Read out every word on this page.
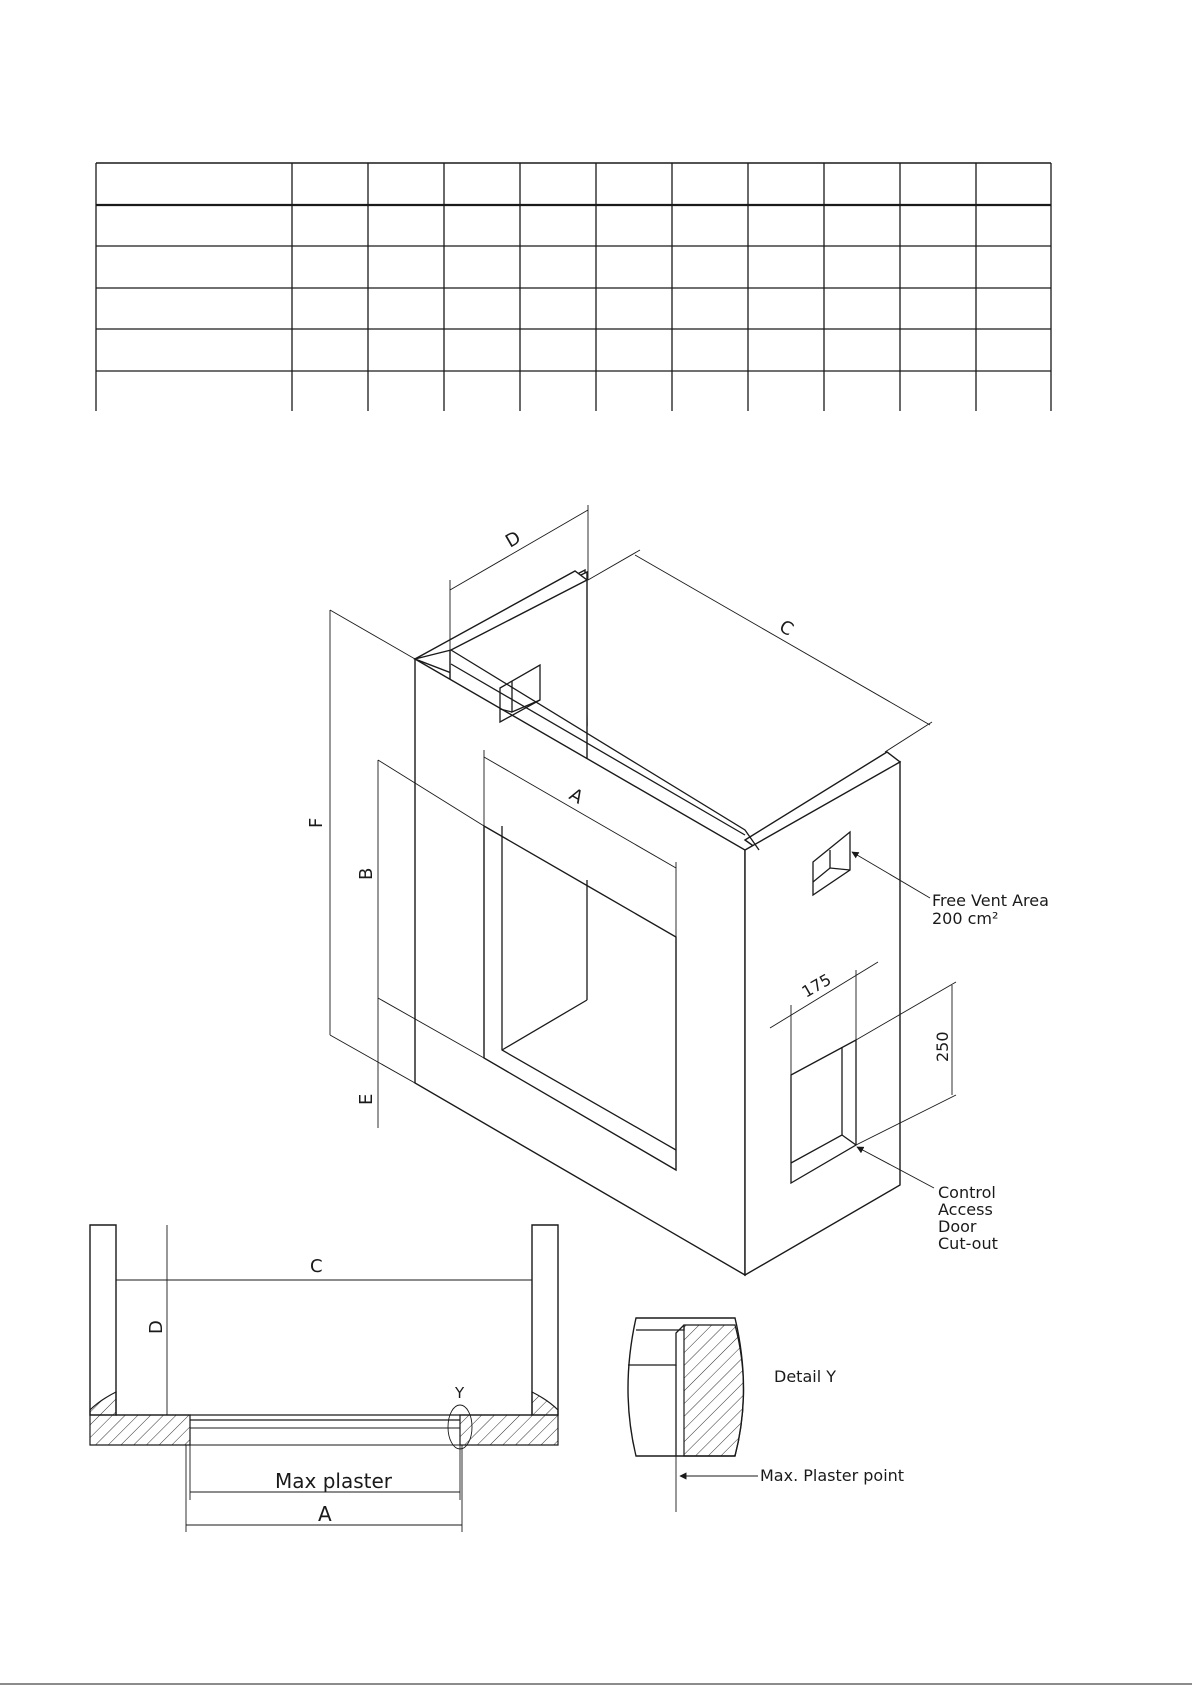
D
C
A
F
B
E
175
250
Free Vent Area
200 cm²
Control
Access
Door
Cut-out
C
D
Y
Max plaster
A
Detail Y
Max. Plaster point
